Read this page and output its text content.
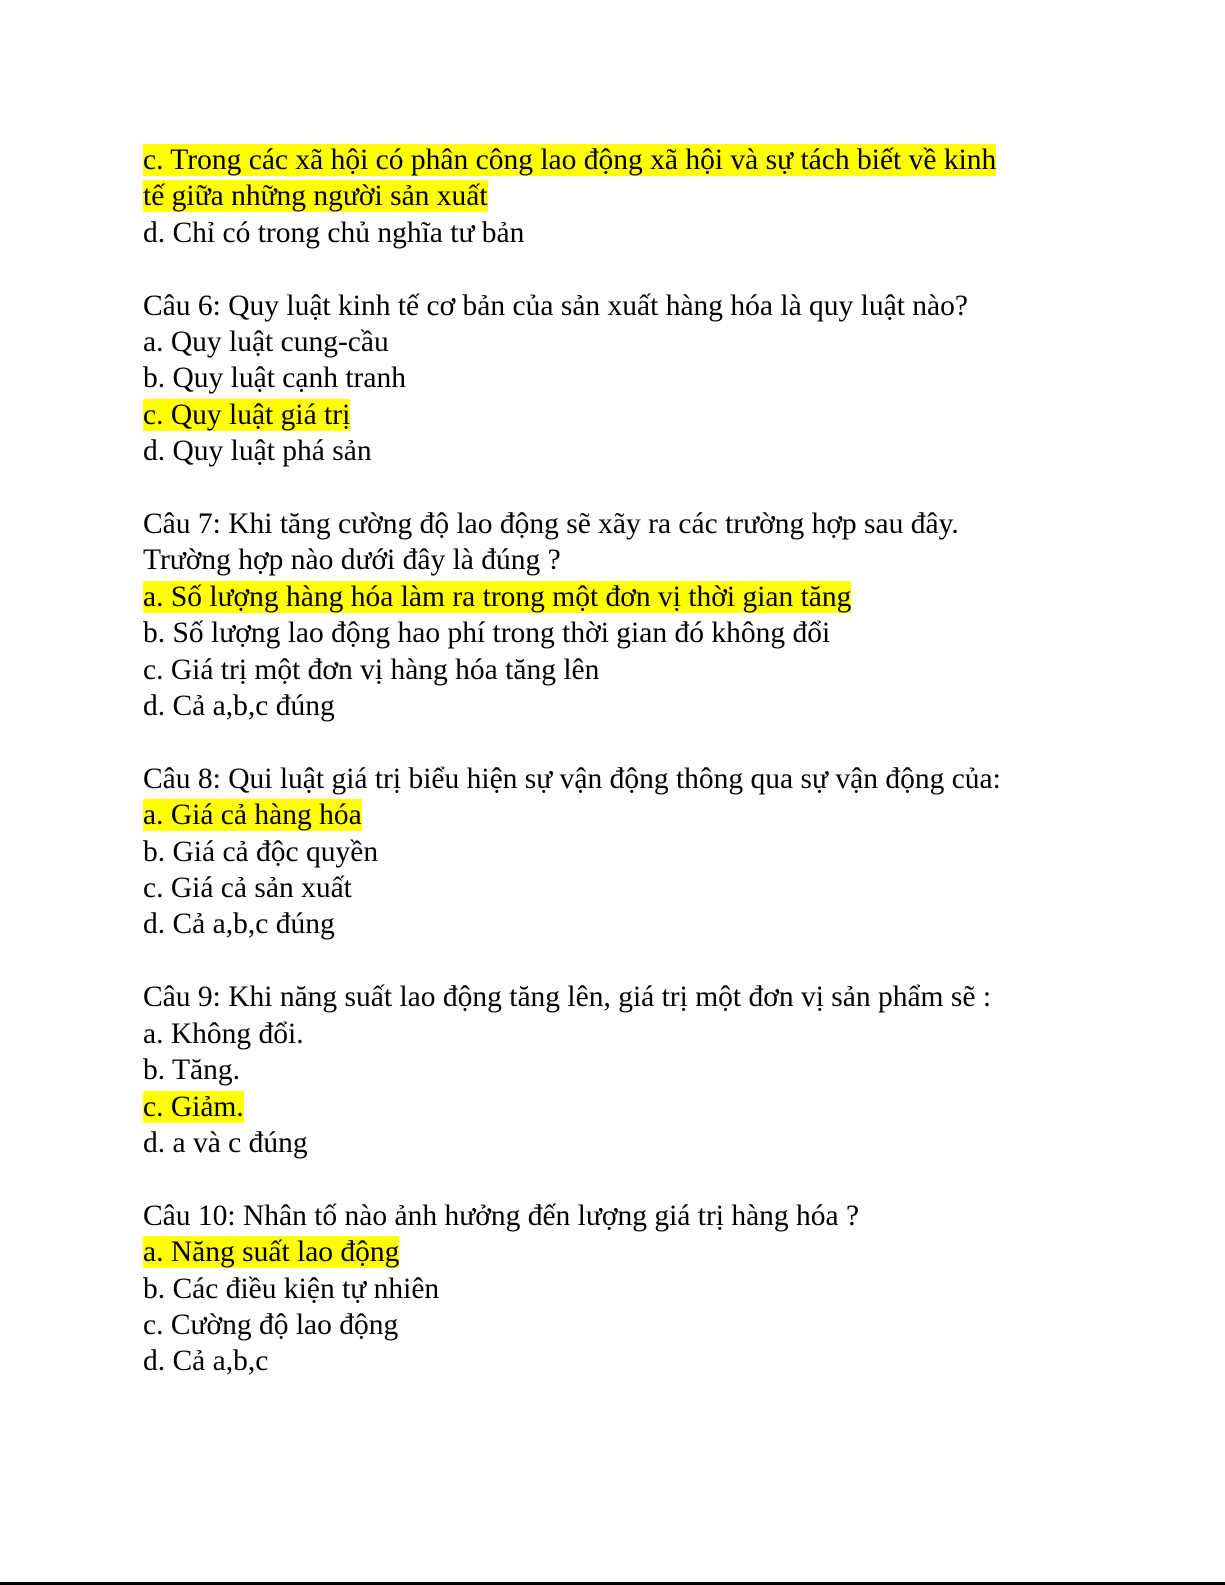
c. Trong các xã hội có phân công lao động xã hội và sự tách biết về kinh
tế giữa những người sản xuất
d. Chỉ có trong chủ nghĩa tư bản
Câu 6: Quy luật kinh tế cơ bản của sản xuất hàng hóa là quy luật nào?
a. Quy luật cung-cầu
b. Quy luật cạnh tranh
c. Quy luật giá trị
d. Quy luật phá sản
Câu 7: Khi tăng cường độ lao động sẽ xãy ra các trường hợp sau đây.
Trường hợp nào dưới đây là đúng ?
a. Số lượng hàng hóa làm ra trong một đơn vị thời gian tăng
b. Số lượng lao động hao phí trong thời gian đó không đổi
c. Giá trị một đơn vị hàng hóa tăng lên
d. Cả a,b,c đúng
Câu 8: Qui luật giá trị biểu hiện sự vận động thông qua sự vận động của:
a. Giá cả hàng hóa
b. Giá cả độc quyền
c. Giá cả sản xuất
d. Cả a,b,c đúng
Câu 9: Khi năng suất lao động tăng lên, giá trị một đơn vị sản phẩm sẽ :
a. Không đổi.
b. Tăng.
c. Giảm.
d. a và c đúng
Câu 10: Nhân tố nào ảnh hưởng đến lượng giá trị hàng hóa ?
a. Năng suất lao động
b. Các điều kiện tự nhiên
c. Cường độ lao động
d. Cả a,b,c
